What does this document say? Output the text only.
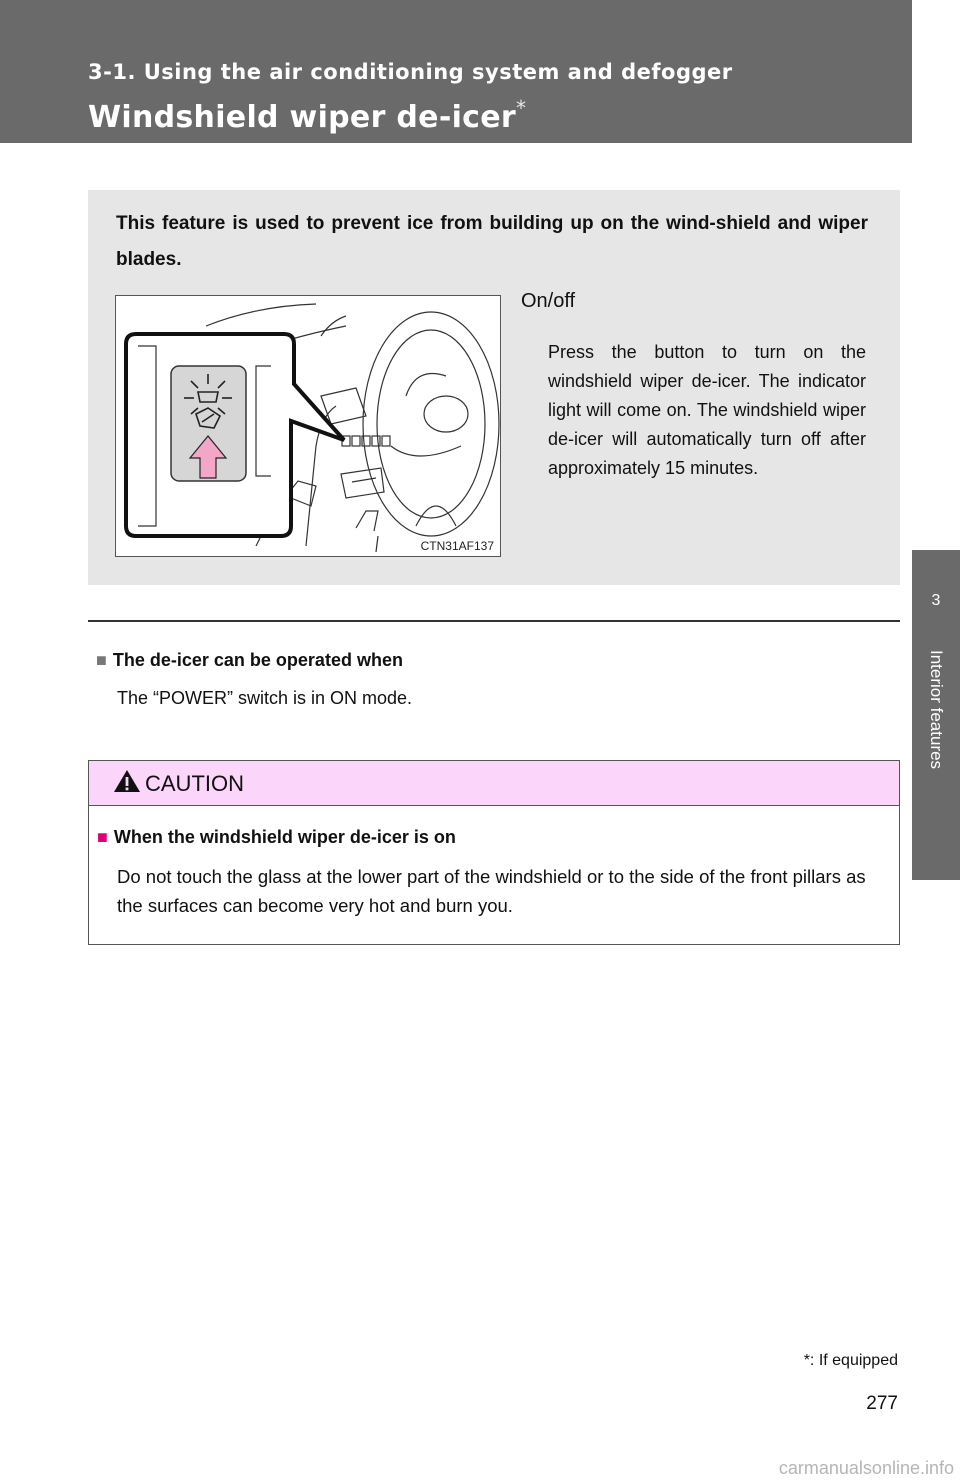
3-1. Using the air conditioning system and defogger
Windshield wiper de-icer*
3
Interior features
This feature is used to prevent ice from building up on the wind-shield and wiper blades.
CTN31AF137
On/off
Press the button to turn on the windshield wiper de-icer. The indicator light will come on. The windshield wiper de-icer will automatically turn off after approximately 15 minutes.
■ The de-icer can be operated when
The “POWER” switch is in ON mode.
CAUTION
■ When the windshield wiper de-icer is on
Do not touch the glass at the lower part of the windshield or to the side of the front pillars as the surfaces can become very hot and burn you.
*: If equipped
277
carmanualsonline.info
